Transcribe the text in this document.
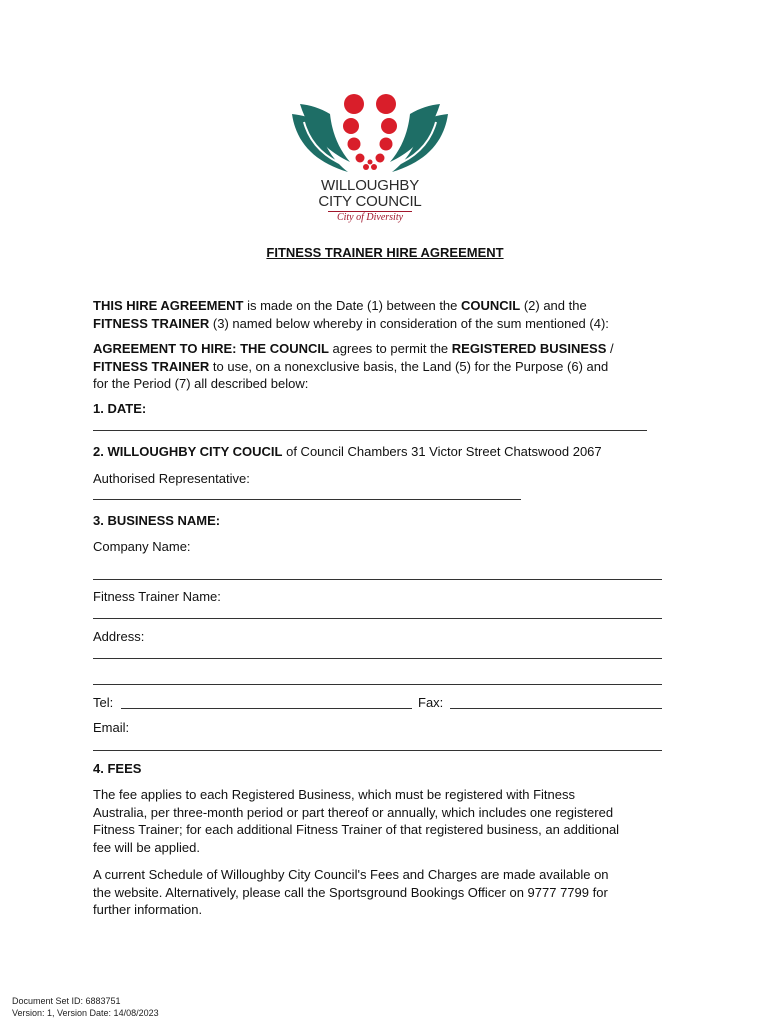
WILLOUGHBY
CITY COUNCIL
City of Diversity
FITNESS TRAINER HIRE AGREEMENT

THIS HIRE AGREEMENT is made on the Date (1) between the COUNCIL (2) and the

FITNESS TRAINER (3) named below whereby in consideration of the sum mentioned (4):

AGREEMENT TO HIRE: THE COUNCIL agrees to permit the REGISTERED BUSINESS /

FITNESS TRAINER to use, on a nonexclusive basis, the Land (5) for the Purpose (6) and

for the Period (7) all described below:

1. DATE:
2. WILLOUGHBY CITY COUCIL of Council Chambers 31 Victor Street Chatswood 2067
Authorised Representative:
3. BUSINESS NAME:
Company Name:
Fitness Trainer Name:
Address:
Tel:	Fax:
Email:
4. FEES

The fee applies to each Registered Business, which must be registered with Fitness

Australia, per three-month period or part thereof or annually, which includes one registered

Fitness Trainer; for each additional Fitness Trainer of that registered business, an additional

fee will be applied.

A current Schedule of Willoughby City Council's Fees and Charges are made available on

the website. Alternatively, please call the Sportsground Bookings Officer on 9777 7799 for

further information.

Document Set ID: 6883751
Version: 1, Version Date: 14/08/2023
